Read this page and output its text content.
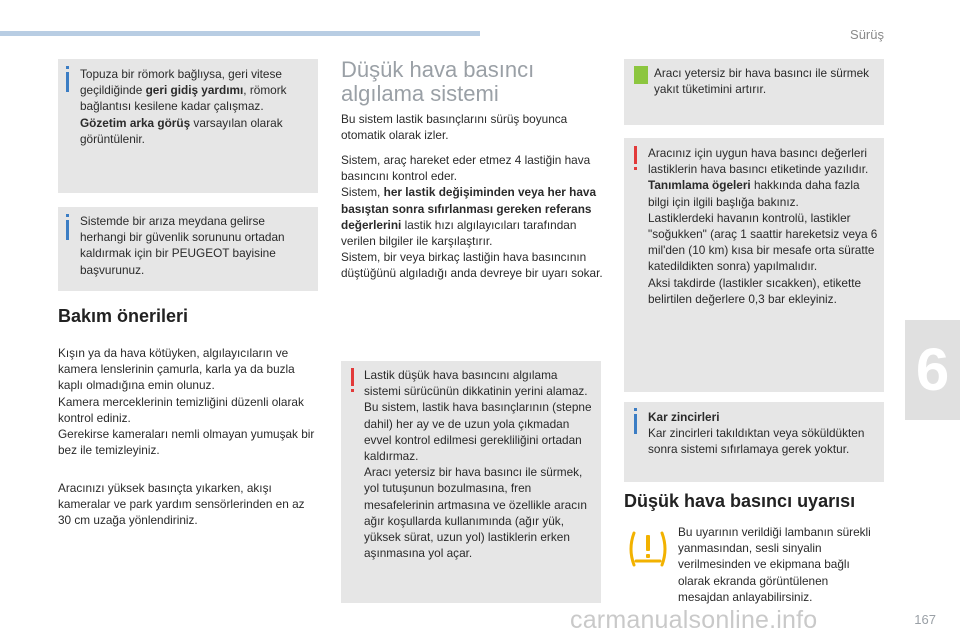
Sürüş
6
Topuza bir römork bağlıysa, geri vitese geçildiğinde geri gidiş yardımı, römork bağlantısı kesilene kadar çalışmaz.
Gözetim arka görüş varsayılan olarak görüntülenir.
Sistemde bir arıza meydana gelirse herhangi bir güvenlik sorununu ortadan kaldırmak için bir PEUGEOT bayisine başvurunuz.
Bakım önerileri

Kışın ya da hava kötüyken, algılayıcıların ve kamera lenslerinin çamurla, karla ya da buzla kaplı olmadığına emin olunuz.

Kamera merceklerinin temizliğini düzenli olarak kontrol ediniz.

Gerekirse kameraları nemli olmayan yumuşak bir bez ile temizleyiniz.

Aracınızı yüksek basınçta yıkarken, akışı kameralar ve park yardım sensörlerinden en az 30 cm uzağa yönlendiriniz.
Düşük hava basıncı
algılama sistemi
Bu sistem lastik basınçlarını sürüş boyunca otomatik olarak izler.

Sistem, araç hareket eder etmez 4 lastiğin hava basıncını kontrol eder.

Sistem, her lastik değişiminden veya her hava basıştan sonra sıfırlanması gereken referans değerlerini lastik hızı algılayıcıları tarafından verilen bilgiler ile karşılaştırır.

Sistem, bir veya birkaç lastiğin hava basıncının düştüğünü algıladığı anda devreye bir uyarı sokar.

Lastik düşük hava basıncını algılama sistemi sürücünün dikkatinin yerini alamaz.

Bu sistem, lastik hava basınçlarının (stepne dahil) her ay ve de uzun yola çıkmadan evvel kontrol edilmesi gerekliliğini ortadan kaldırmaz.

Aracı yetersiz bir hava basıncı ile sürmek, yol tutuşunun bozulmasına, fren mesafelerinin artmasına ve özellikle aracın ağır koşullarda kullanımında (ağır yük, yüksek sürat, uzun yol) lastiklerin erken aşınmasına yol açar.

Aracı yetersiz bir hava basıncı ile sürmek yakıt tüketimini artırır.

Aracınız için uygun hava basıncı değerleri lastiklerin hava basıncı etiketinde yazılıdır.

Tanımlama ögeleri hakkında daha fazla bilgi için ilgili başlığa bakınız.

Lastiklerdeki havanın kontrolü, lastikler "soğukken" (araç 1 saattir hareketsiz veya 6 mil'den (10 km) kısa bir mesafe orta süratte katedildikten sonra) yapılmalıdır.

Aksi takdirde (lastikler sıcakken), etikette belirtilen değerlere 0,3 bar ekleyiniz.

Kar zincirleri
Kar zincirleri takıldıktan veya söküldükten sonra sistemi sıfırlamaya gerek yoktur.
Düşük hava basıncı uyarısı
Bu uyarının verildiği lambanın sürekli yanmasından, sesli sinyalin verilmesinden ve ekipmana bağlı olarak ekranda görüntülenen mesajdan anlayabilirsiniz.
carmanualsonline.info	167
